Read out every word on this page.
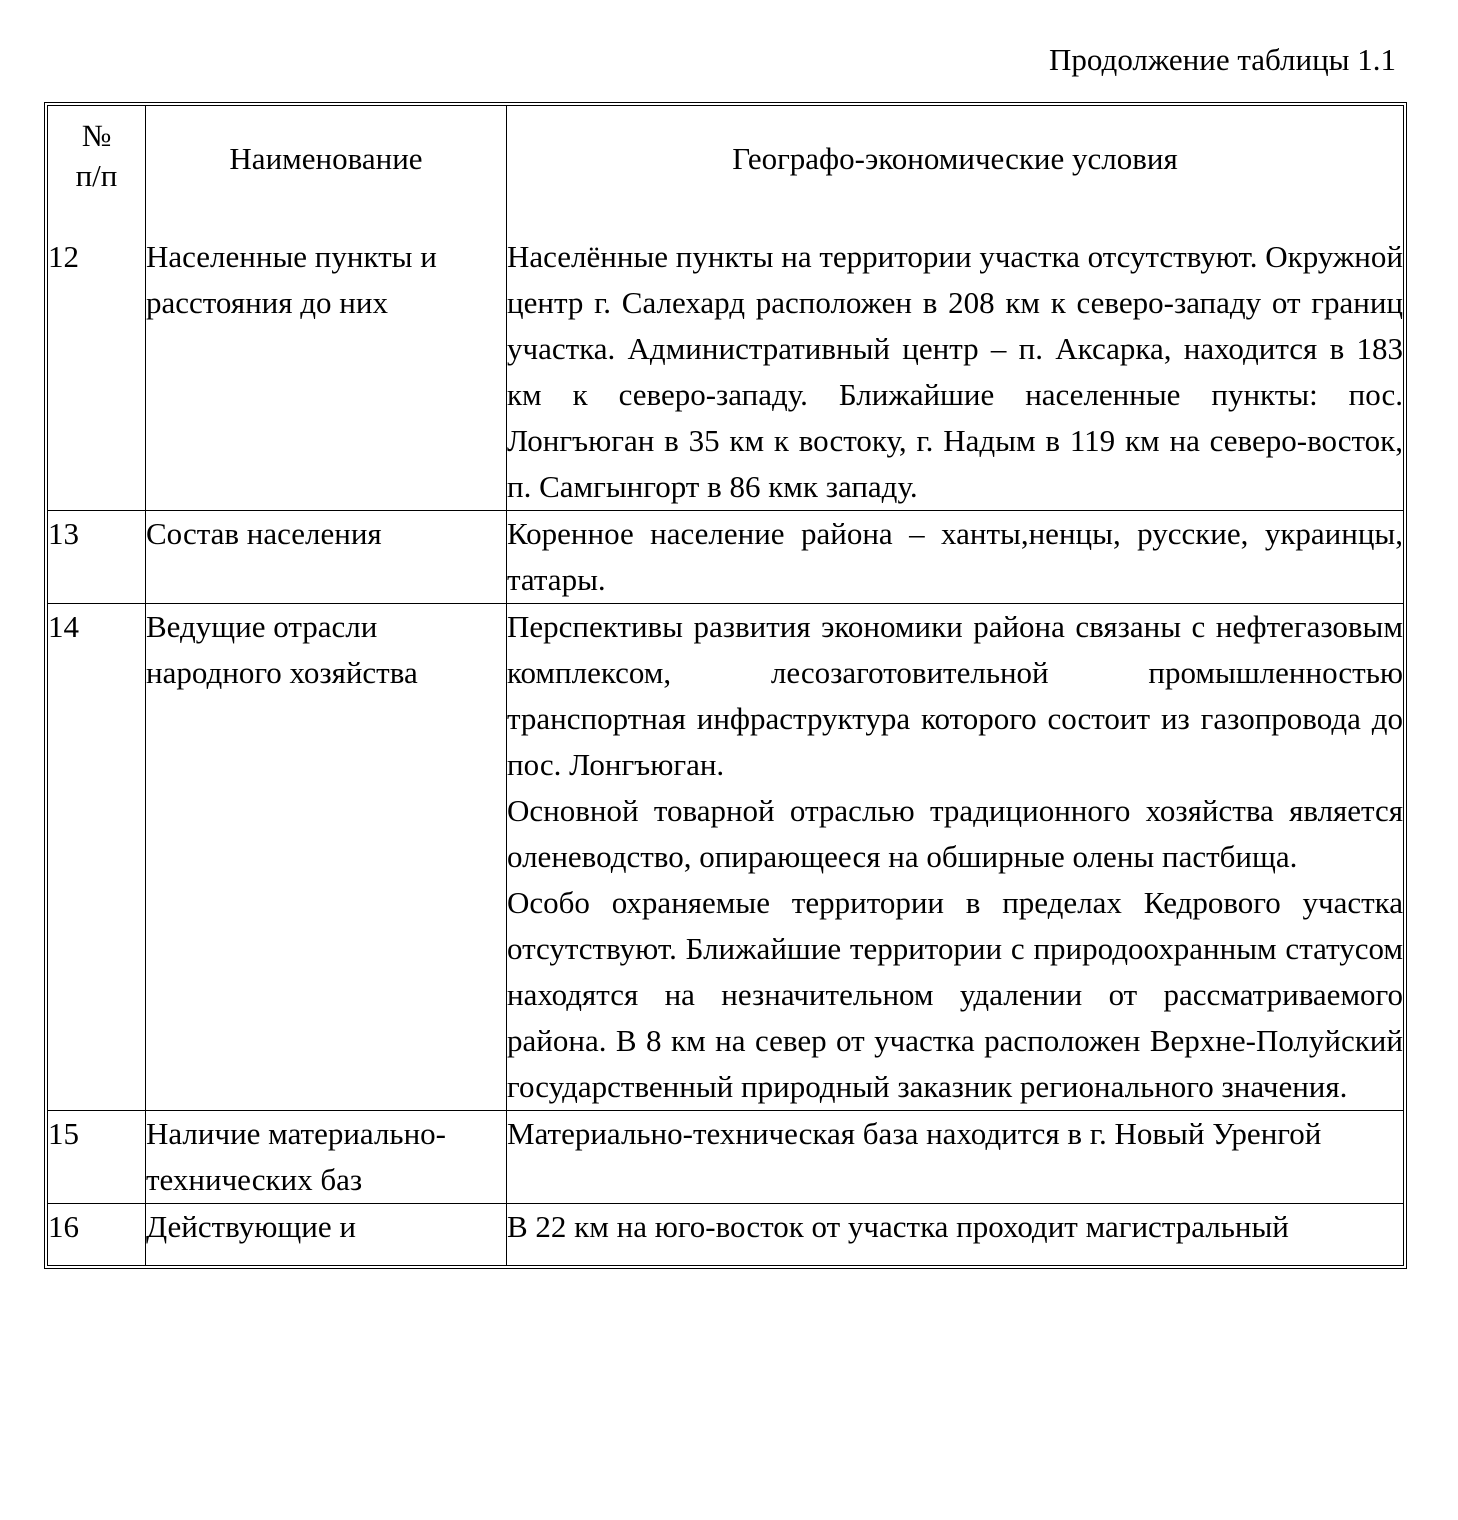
Продолжение таблицы 1.1
№
п/п	Наименование	Географо-экономические условия

12	Населенные пункты и расстояния до них	Населённые пункты на территории участка отсутствуют. Окружной центр г. Салехард расположен в 208 км к северо-западу от границ участка. Административный центр – п. Аксарка, находится в 183 км к северо-западу. Ближайшие населенные пункты: пос. Лонгъюган в 35 км к востоку, г. Надым в 119 км на северо-восток, п. Самгынгорт в 86 кмк западу.

13	Состав населения	Коренное население района – ханты,ненцы, русские, украинцы, татары.

14	Ведущие отрасли народного хозяйства	Перспективы развития экономики района связаны с нефтегазовым комплексом, лесозаготовительной промышленностью транспортная инфраструктура которого состоит из газопровода до пос. Лонгъюган.
Основной товарной отраслью традиционного хозяйства является оленеводство, опирающееся на обширные олены пастбища.
Особо охраняемые территории в пределах Кедрового участка отсутствуют. Ближайшие территории с природоохранным статусом находятся на незначительном удалении от рассматриваемого района. В 8 км на север от участка расположен Верхне-Полуйский государственный природный заказник регионального значения.

15	Наличие материально-технических баз	Материально-техническая база находится в г. Новый Уренгой

16	Действующие и	В 22 км на юго-восток от участка проходит магистральный
